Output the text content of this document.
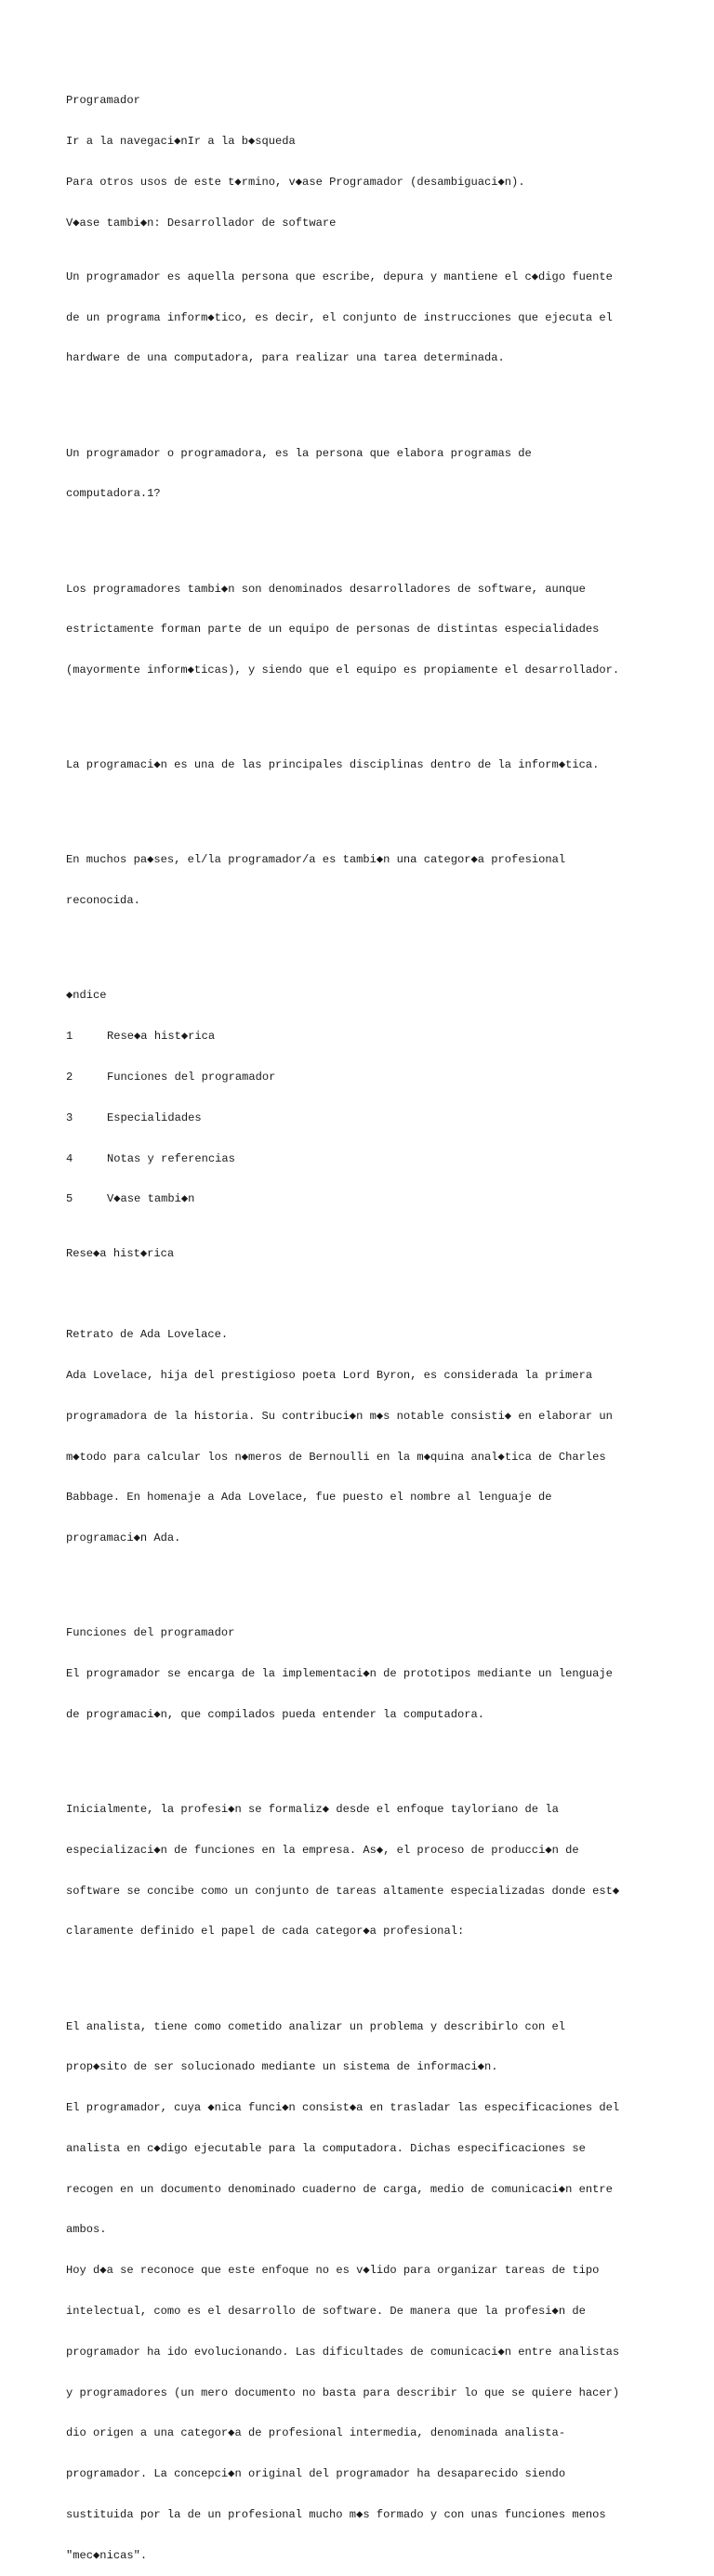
Programador

Ir a la navegaci◆nIr a la b◆squeda

Para otros usos de este t◆rmino, v◆ase Programador (desambiguaci◆n).

V◆ase tambi◆n: Desarrollador de software

Un programador es aquella persona que escribe, depura y mantiene el c◆digo fuente

de un programa inform◆tico, es decir, el conjunto de instrucciones que ejecuta el

hardware de una computadora, para realizar una tarea determinada.

Un programador o programadora, es la persona que elabora programas de

computadora.1?

Los programadores tambi◆n son denominados desarrolladores de software, aunque

estrictamente forman parte de un equipo de personas de distintas especialidades

(mayormente inform◆ticas), y siendo que el equipo es propiamente el desarrollador.

La programaci◆n es una de las principales disciplinas dentro de la inform◆tica.

En muchos pa◆ses, el/la programador/a es tambi◆n una categor◆a profesional

reconocida.

◆ndice

1	Rese◆a hist◆rica

2	Funciones del programador

3	Especialidades

4	Notas y referencias

5	V◆ase tambi◆n

Rese◆a hist◆rica

Retrato de Ada Lovelace.

Ada Lovelace, hija del prestigioso poeta Lord Byron, es considerada la primera

programadora de la historia. Su contribuci◆n m◆s notable consisti◆ en elaborar un

m◆todo para calcular los n◆meros de Bernoulli en la m◆quina anal◆tica de Charles

Babbage. En homenaje a Ada Lovelace, fue puesto el nombre al lenguaje de

programaci◆n Ada.

Funciones del programador

El programador se encarga de la implementaci◆n de prototipos mediante un lenguaje

de programaci◆n, que compilados pueda entender la computadora.

Inicialmente, la profesi◆n se formaliz◆ desde el enfoque tayloriano de la

especializaci◆n de funciones en la empresa. As◆, el proceso de producci◆n de

software se concibe como un conjunto de tareas altamente especializadas donde est◆

claramente definido el papel de cada categor◆a profesional:

El analista, tiene como cometido analizar un problema y describirlo con el

prop◆sito de ser solucionado mediante un sistema de informaci◆n.

El programador, cuya ◆nica funci◆n consist◆a en trasladar las especificaciones del

analista en c◆digo ejecutable para la computadora. Dichas especificaciones se

recogen en un documento denominado cuaderno de carga, medio de comunicaci◆n entre

ambos.

Hoy d◆a se reconoce que este enfoque no es v◆lido para organizar tareas de tipo

intelectual, como es el desarrollo de software. De manera que la profesi◆n de

programador ha ido evolucionando. Las dificultades de comunicaci◆n entre analistas

y programadores (un mero documento no basta para describir lo que se quiere hacer)

dio origen a una categor◆a de profesional intermedia, denominada analista-

programador. La concepci◆n original del programador ha desaparecido siendo

sustituida por la de un profesional mucho m◆s formado y con unas funciones menos

"mec◆nicas".
